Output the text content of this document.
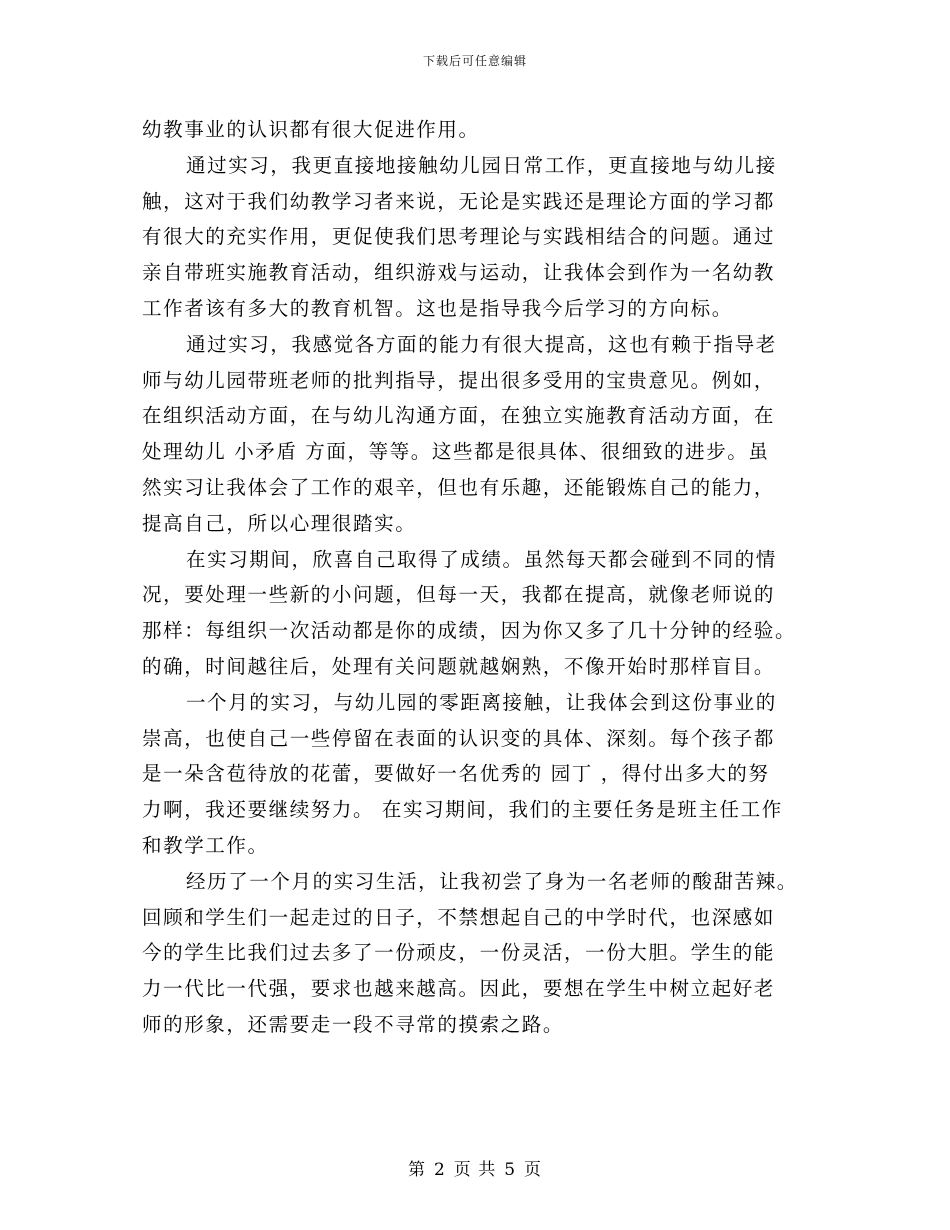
下载后可任意编辑
幼教事业的认识都有很大促进作用。
通过实习，我更直接地接触幼儿园日常工作，更直接地与幼儿接
触，这对于我们幼教学习者来说，无论是实践还是理论方面的学习都
有很大的充实作用，更促使我们思考理论与实践相结合的问题。通过
亲自带班实施教育活动，组织游戏与运动，让我体会到作为一名幼教
工作者该有多大的教育机智。这也是指导我今后学习的方向标。
通过实习，我感觉各方面的能力有很大提高，这也有赖于指导老
师与幼儿园带班老师的批判指导，提出很多受用的宝贵意见。例如，
在组织活动方面，在与幼儿沟通方面，在独立实施教育活动方面，在
处理幼儿 小矛盾 方面，等等。这些都是很具体、很细致的进步。虽
然实习让我体会了工作的艰辛，但也有乐趣，还能锻炼自己的能力，
提高自己，所以心理很踏实。
在实习期间，欣喜自己取得了成绩。虽然每天都会碰到不同的情
况，要处理一些新的小问题，但每一天，我都在提高，就像老师说的
那样：每组织一次活动都是你的成绩，因为你又多了几十分钟的经验。
的确，时间越往后，处理有关问题就越娴熟，不像开始时那样盲目。
一个月的实习，与幼儿园的零距离接触，让我体会到这份事业的
崇高，也使自己一些停留在表面的认识变的具体、深刻。每个孩子都
是一朵含苞待放的花蕾，要做好一名优秀的 园丁 ，得付出多大的努
力啊，我还要继续努力。 在实习期间，我们的主要任务是班主任工作
和教学工作。
经历了一个月的实习生活，让我初尝了身为一名老师的酸甜苦辣。
回顾和学生们一起走过的日子，不禁想起自己的中学时代，也深感如
今的学生比我们过去多了一份顽皮，一份灵活，一份大胆。学生的能
力一代比一代强，要求也越来越高。因此，要想在学生中树立起好老
师的形象，还需要走一段不寻常的摸索之路。
第 2 页 共 5 页
